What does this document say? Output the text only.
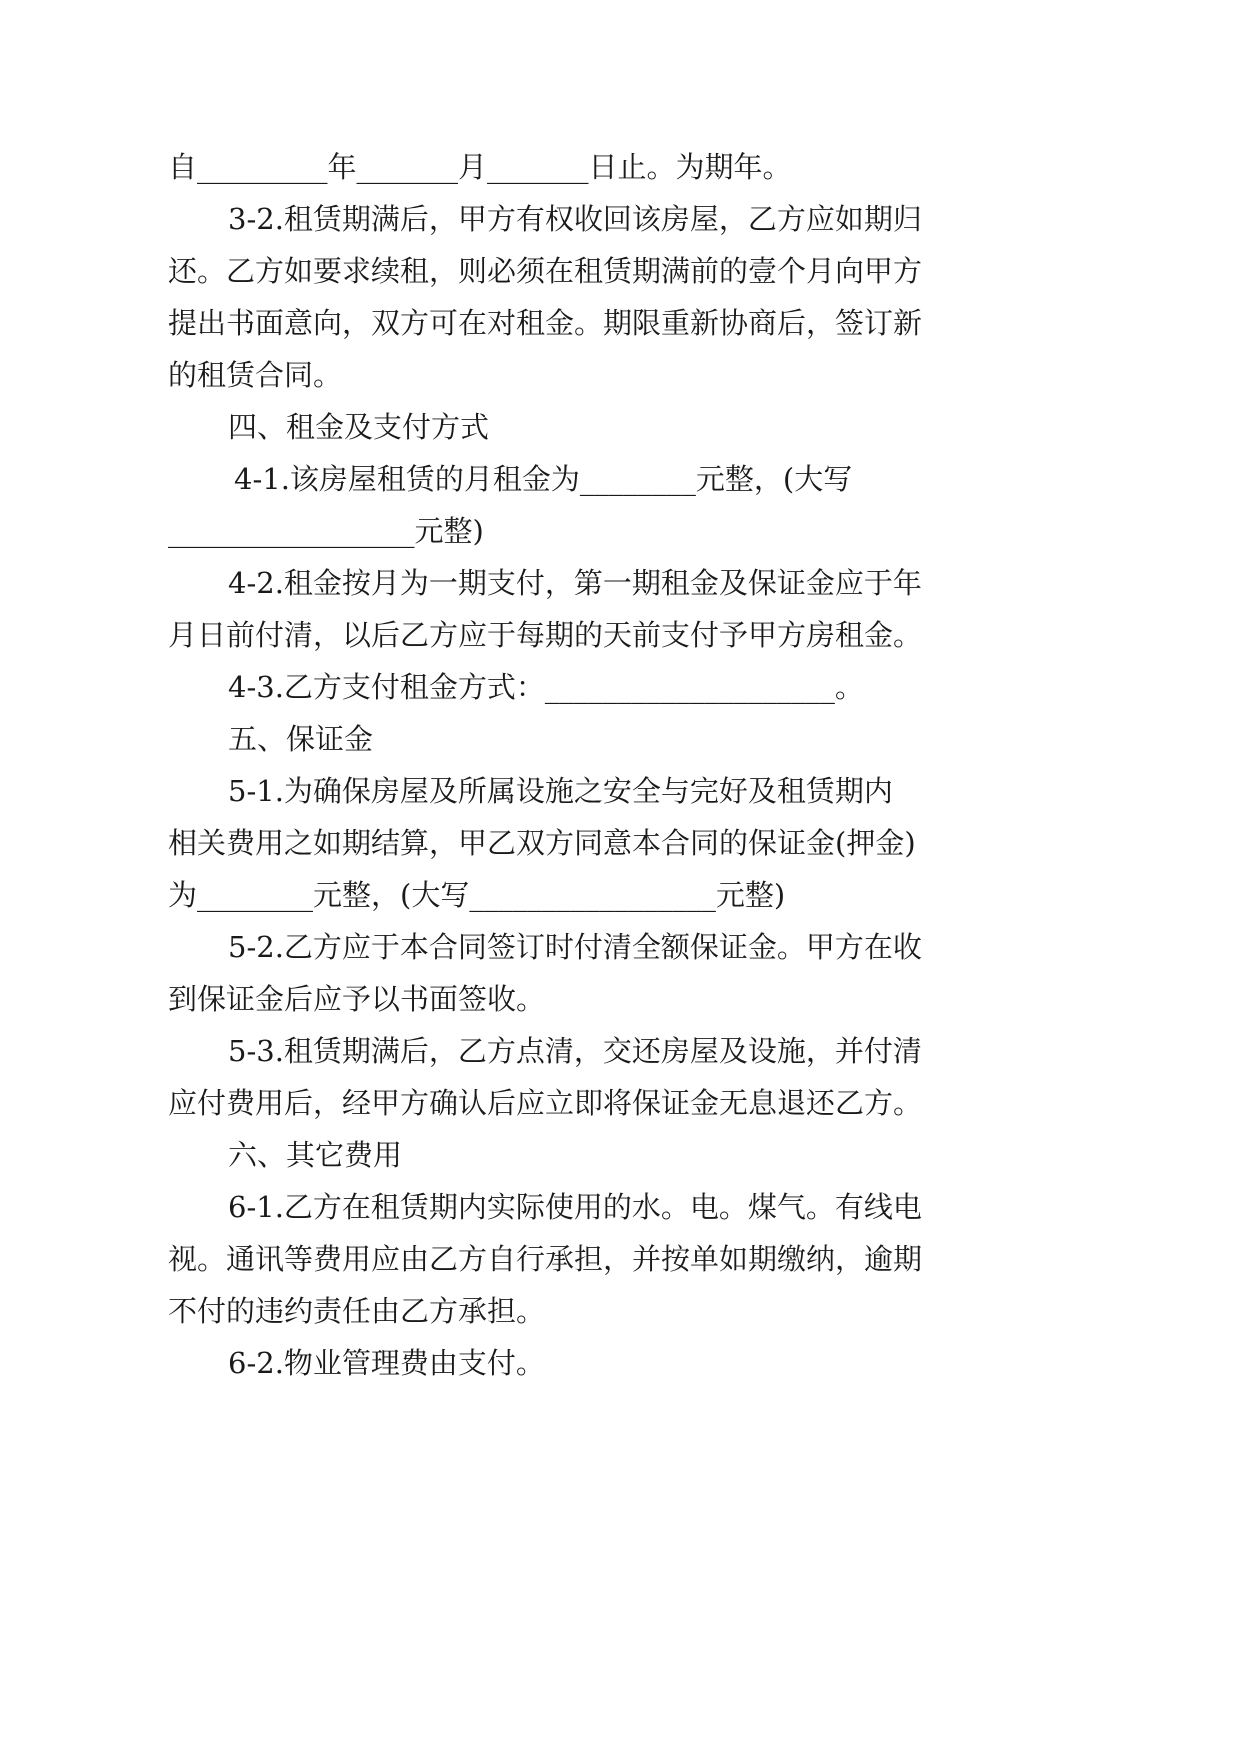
自_________年_______月_______日止。为期年。
3-2.租赁期满后，甲方有权收回该房屋，乙方应如期归
还。乙方如要求续租，则必须在租赁期满前的壹个月向甲方
提出书面意向，双方可在对租金。期限重新协商后，签订新
的租赁合同。
四、租金及支付方式
4-1.该房屋租赁的月租金为________元整，(大写
_________________元整)
4-2.租金按月为一期支付，第一期租金及保证金应于年
月日前付清，以后乙方应于每期的天前支付予甲方房租金。
4-3.乙方支付租金方式：____________________。
五、保证金
5-1.为确保房屋及所属设施之安全与完好及租赁期内
相关费用之如期结算，甲乙双方同意本合同的保证金(押金)
为________元整，(大写_________________元整)
5-2.乙方应于本合同签订时付清全额保证金。甲方在收
到保证金后应予以书面签收。
5-3.租赁期满后，乙方点清，交还房屋及设施，并付清
应付费用后，经甲方确认后应立即将保证金无息退还乙方。
六、其它费用
6-1.乙方在租赁期内实际使用的水。电。煤气。有线电
视。通讯等费用应由乙方自行承担，并按单如期缴纳，逾期
不付的违约责任由乙方承担。
6-2.物业管理费由支付。
